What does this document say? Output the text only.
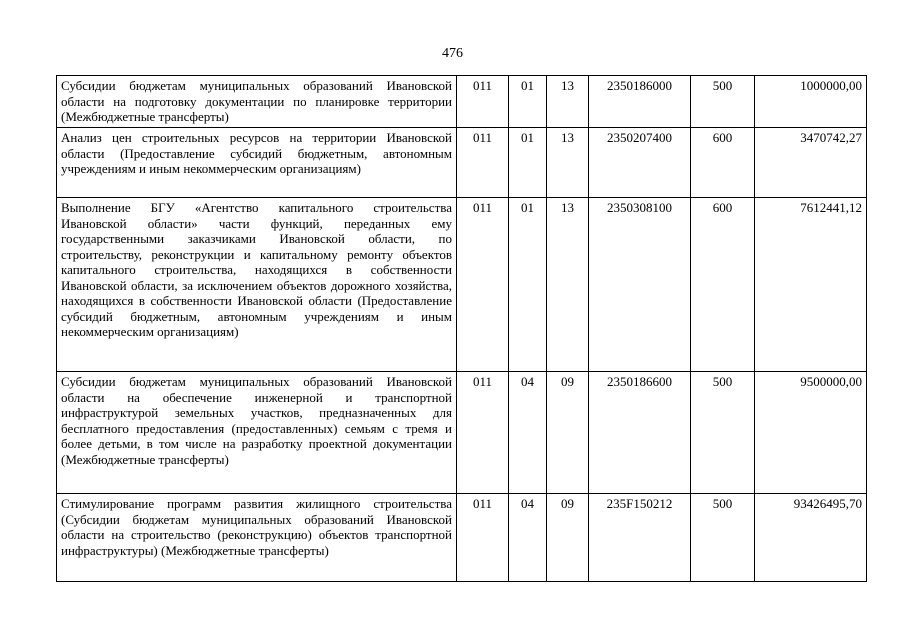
476
Субсидии бюджетам муниципальных образований Ивановской области на подготовку документации по планировке территории (Межбюджетные трансферты)	011	01	13	2350186000	500	1000000,00
Анализ цен строительных ресурсов на территории Ивановской области (Предоставление субсидий бюджетным, автономным учреждениям и иным некоммерческим организациям)	011	01	13	2350207400	600	3470742,27
Выполнение БГУ «Агентство капитального строительства Ивановской области» части функций, переданных ему государственными заказчиками Ивановской области, по строительству, реконструкции и капитальному ремонту объектов капитального строительства, находящихся в собственности Ивановской области, за исключением объектов дорожного хозяйства, находящихся в собственности Ивановской области (Предоставление субсидий бюджетным, автономным учреждениям и иным некоммерческим организациям)	011	01	13	2350308100	600	7612441,12
Субсидии бюджетам муниципальных образований Ивановской области на обеспечение инженерной и транспортной инфраструктурой земельных участков, предназначенных для бесплатного предоставления (предоставленных) семьям с тремя и более детьми, в том числе на разработку проектной документации (Межбюджетные трансферты)	011	04	09	2350186600	500	9500000,00
Стимулирование программ развития жилищного строительства (Субсидии бюджетам муниципальных образований Ивановской области на строительство (реконструкцию) объектов транспортной инфраструктуры) (Межбюджетные трансферты)	011	04	09	235F150212	500	93426495,70
